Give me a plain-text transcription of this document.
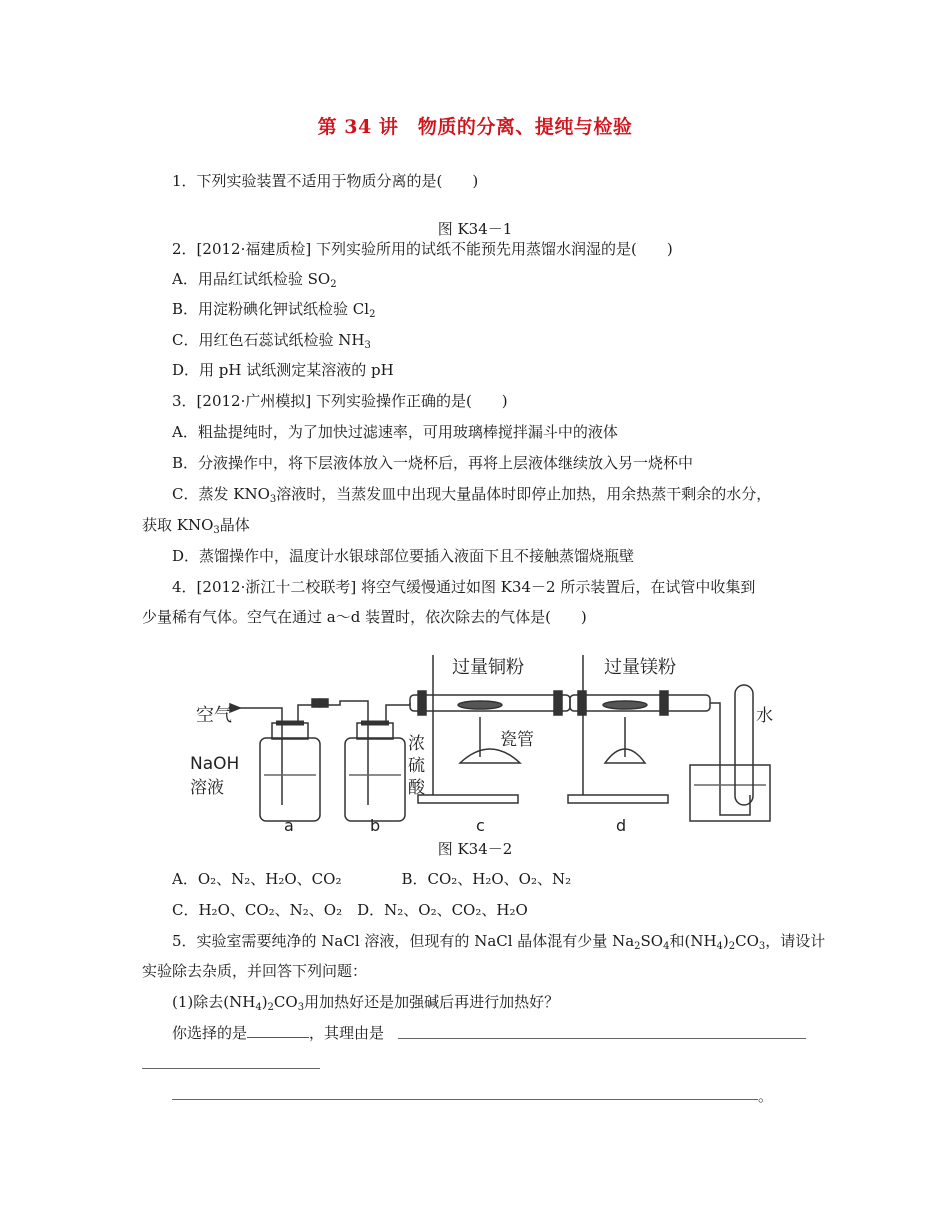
第 34 讲　物质的分离、提纯与检验
1．下列实验装置不适用于物质分离的是(　　)
图 K34－1
2．[2012·福建质检] 下列实验所用的试纸不能预先用蒸馏水润湿的是(　　)
A．用品红试纸检验 $SO_2$
B．用淀粉碘化钾试纸检验 $Cl_2$
C．用红色石蕊试纸检验 $NH_3$
D．用 pH 试纸测定某溶液的 pH
3．[2012·广州模拟] 下列实验操作正确的是(　　)
A．粗盐提纯时，为了加快过滤速率，可用玻璃棒搅拌漏斗中的液体
B．分液操作中，将下层液体放入一烧杯后，再将上层液体继续放入另一烧杯中
C．蒸发 $KNO_3$溶液时，当蒸发皿中出现大量晶体时即停止加热，用余热蒸干剩余的水分，
获取 $KNO_3$晶体
D．蒸馏操作中，温度计水银球部位要插入液面下且不接触蒸馏烧瓶壁
4．[2012·浙江十二校联考] 将空气缓慢通过如图 K34－2 所示装置后，在试管中收集到
少量稀有气体。空气在通过 a～d 装置时，依次除去的气体是(　　)
空气
NaOH
溶液
浓
硫
酸
过量铜粉	过量镁粉
瓷管
水
a	b	c	d
图 K34－2
A．O₂、N₂、H₂O、CO₂　　　　B．CO₂、H₂O、O₂、N₂
C．H₂O、CO₂、N₂、O₂　D．N₂、O₂、CO₂、H₂O
5．实验室需要纯净的 NaCl 溶液，但现有的 NaCl 晶体混有少量 $Na_2SO_4$和$(NH_4)_2CO_3$，请设计
实验除去杂质，并回答下列问题：
(1)除去$(NH_4)_2CO_3$用加热好还是加强碱后再进行加热好？
你选择的是	，其理由是
。
